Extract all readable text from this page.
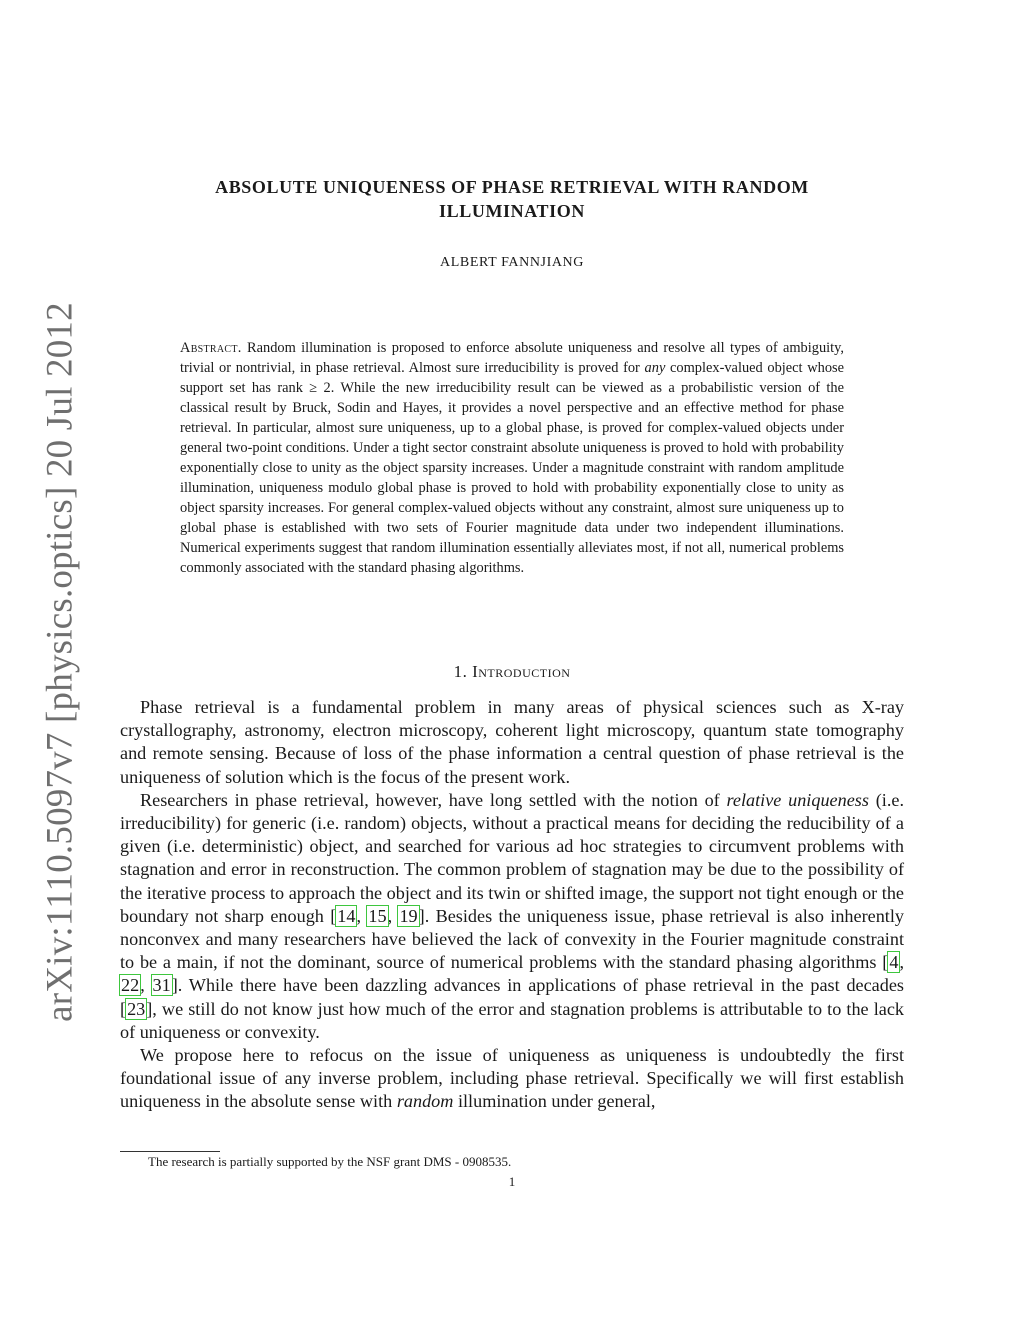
arXiv:1110.5097v7 [physics.optics] 20 Jul 2012
ABSOLUTE UNIQUENESS OF PHASE RETRIEVAL WITH RANDOM
ILLUMINATION
ALBERT FANNJIANG

Abstract. Random illumination is proposed to enforce absolute uniqueness and resolve all types of ambiguity, trivial or nontrivial, in phase retrieval. Almost sure irreducibility is proved for any complex-valued object whose support set has rank ≥ 2. While the new irreducibility result can be viewed as a probabilistic version of the classical result by Bruck, Sodin and Hayes, it provides a novel perspective and an effective method for phase retrieval. In particular, almost sure uniqueness, up to a global phase, is proved for complex-valued objects under general two-point conditions. Under a tight sector constraint absolute uniqueness is proved to hold with probability exponentially close to unity as the object sparsity increases. Under a magnitude constraint with random amplitude illumination, uniqueness modulo global phase is proved to hold with probability exponentially close to unity as object sparsity increases. For general complex-valued objects without any constraint, almost sure uniqueness up to global phase is established with two sets of Fourier magnitude data under two independent illuminations. Numerical experiments suggest that random illumination essentially alleviates most, if not all, numerical problems commonly associated with the standard phasing algorithms.

1. Introduction

Phase retrieval is a fundamental problem in many areas of physical sciences such as X-ray crystallography, astronomy, electron microscopy, coherent light microscopy, quantum state tomography and remote sensing. Because of loss of the phase information a central question of phase retrieval is the uniqueness of solution which is the focus of the present work.

Researchers in phase retrieval, however, have long settled with the notion of relative uniqueness (i.e. irreducibility) for generic (i.e. random) objects, without a practical means for deciding the reducibility of a given (i.e. deterministic) object, and searched for various ad hoc strategies to circumvent problems with stagnation and error in reconstruction. The common problem of stagnation may be due to the possibility of the iterative process to approach the object and its twin or shifted image, the support not tight enough or the boundary not sharp enough [14, 15, 19]. Besides the uniqueness issue, phase retrieval is also inherently nonconvex and many researchers have believed the lack of convexity in the Fourier magnitude constraint to be a main, if not the dominant, source of numerical problems with the standard phasing algorithms [4, 22, 31]. While there have been dazzling advances in applications of phase retrieval in the past decades [23], we still do not know just how much of the error and stagnation problems is attributable to to the lack of uniqueness or convexity.

We propose here to refocus on the issue of uniqueness as uniqueness is undoubtedly the first foundational issue of any inverse problem, including phase retrieval. Specifically we will first establish uniqueness in the absolute sense with random illumination under general,

The research is partially supported by the NSF grant DMS - 0908535.
1
